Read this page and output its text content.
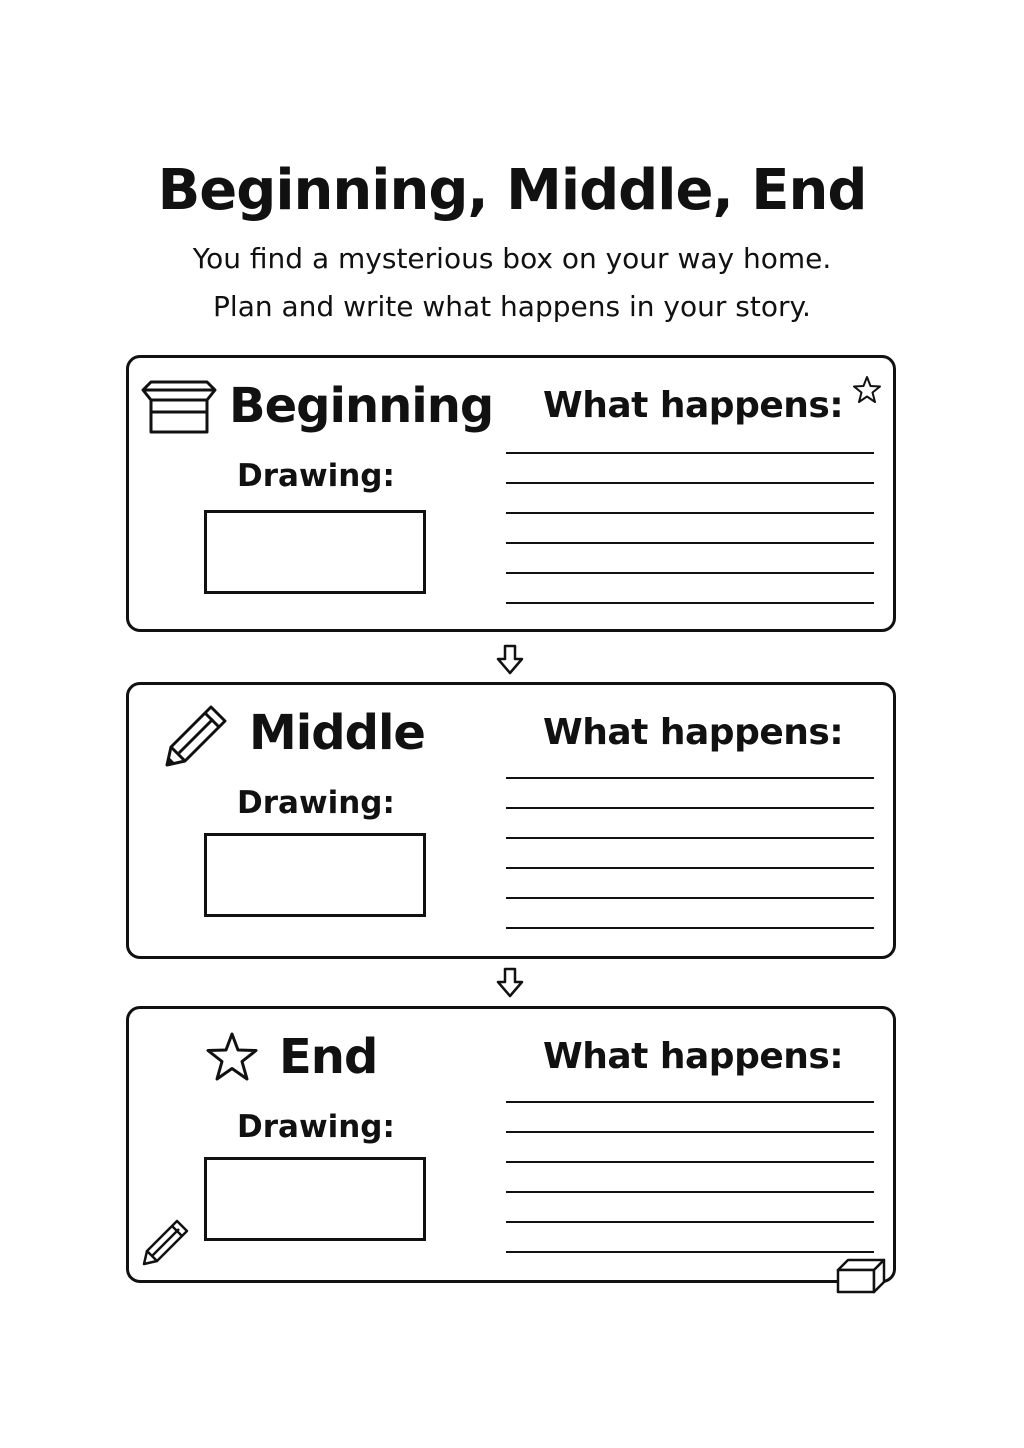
Beginning, Middle, End

You find a mysterious box on your way home.

Plan and write what happens in your story.

Beginning
Drawing:
What happens:
Middle
Drawing:
What happens:
End
Drawing:
What happens:
